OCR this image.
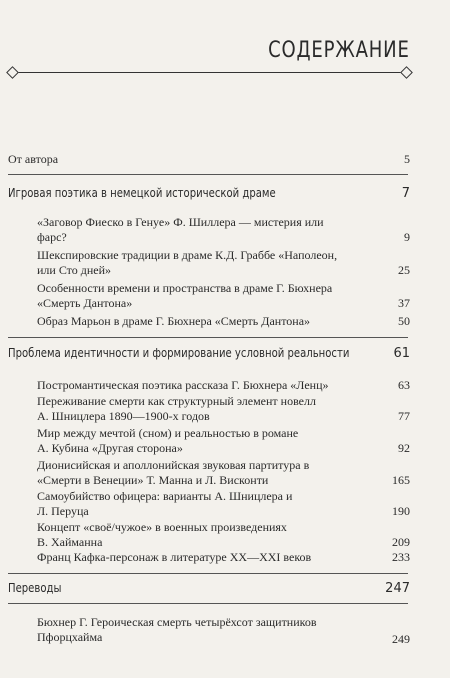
СОДЕРЖАНИЕ
От автора	5
Игровая поэтика в немецкой исторической драме	7
«Заговор Фиеско в Генуе» Ф. Шиллера — мистерия или
фарс?	9
Шекспировские традиции в драме К.Д. Граббе «Наполеон,
или Сто дней»	25
Особенности времени и пространства в драме Г. Бюхнера
«Смерть Дантона»	37
Образ Марьон в драме Г. Бюхнера «Смерть Дантона»	50
Проблема идентичности и формирование условной реальности	61
Постромантическая поэтика рассказа Г. Бюхнера «Ленц»	63
Переживание смерти как структурный элемент новелл
А. Шницлера 1890—1900-х годов	77
Мир между мечтой (сном) и реальностью в романе
А. Кубина «Другая сторона»	92
Дионисийская и аполлонийская звуковая партитура в
«Смерти в Венеции» Т. Манна и Л. Висконти	165
Самоубийство офицера: варианты А. Шницлера и
Л. Перуца	190
Концепт «своё/чужое» в военных произведениях
В. Хайманна	209
Франц Кафка-персонаж в литературе XX—XXI веков	233
Переводы	247
Бюхнер Г. Героическая смерть четырёхсот защитников
Пфорцхайма	249
